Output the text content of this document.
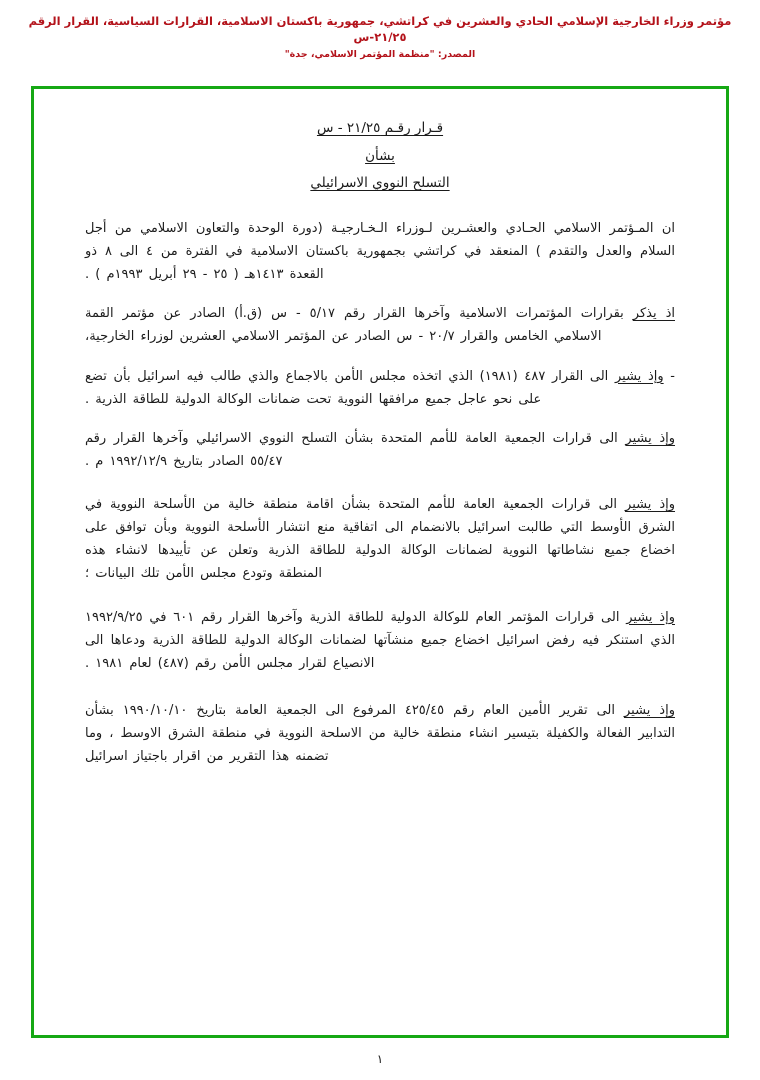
مؤتمر وزراء الخارجية الإسلامي الحادي والعشرين في كراتشي، جمهورية باكستان الاسلامية، القرارات السياسية، القرار الرقم ٢١/٢٥-س
المصدر: "منظمة المؤتمر الاسلامي، جدة"
قـرار رقـم ٢١/٢٥ - س
بشأن
التسلح النووي الاسرائيلي

ان المـؤتمر الاسلامي الحـادي والعشـرين لـوزراء الـخـارجيـة (دورة الوحدة والتعاون الاسلامي من أجل السلام والعدل والتقدم ) المنعقد في كراتشي بجمهورية باكستان الاسلامية في الفترة من ٤ الى ٨ ذو القعدة ١٤١٣هـ ( ٢٥ - ٢٩ أبريل ١٩٩٣م ) .

اذ يذكر بقرارات المؤتمرات الاسلامية وآخرها القرار رقم ٥/١٧ - س (ق.أ) الصادر عن مؤتمر القمة الاسلامي الخامس والقرار ٢٠/٧ - س الصادر عن المؤتمر الاسلامي العشرين لوزراء الخارجية،

- وإذ يشير الى القرار ٤٨٧ (١٩٨١) الذي اتخذه مجلس الأمن بالاجماع والذي طالب فيه اسرائيل بأن تضع على نحو عاجل جميع مرافقها النووية تحت ضمانات الوكالة الدولية للطاقة الذرية .

وإذ يشير الى قرارات الجمعية العامة للأمم المتحدة بشأن التسلح النووي الاسرائيلي وآخرها القرار رقم ٥٥/٤٧ الصادر بتاريخ ١٩٩٢/١٢/٩ م .

وإذ يشير الى قرارات الجمعية العامة للأمم المتحدة بشأن اقامة منطقة خالية من الأسلحة النووية في الشرق الأوسط التي طالبت اسرائيل بالانضمام الى اتفاقية منع انتشار الأسلحة النووية وبأن توافق على اخضاع جميع نشاطاتها النووية لضمانات الوكالة الدولية للطاقة الذرية وتعلن عن تأييدها لانشاء هذه المنطقة وتودع مجلس الأمن تلك البيانات ؛

وإذ يشير الى قرارات المؤتمر العام للوكالة الدولية للطاقة الذرية وآخرها القرار رقم ٦٠١ في ١٩٩٢/٩/٢٥ الذي استنكر فيه رفض اسرائيل اخضاع جميع منشآتها لضمانات الوكالة الدولية للطاقة الذرية ودعاها الى الانصياع لقرار مجلس الأمن رقم (٤٨٧) لعام ١٩٨١ .

وإذ يشير الى تقرير الأمين العام رقم ٤٢٥/٤٥ المرفوع الى الجمعية العامة بتاريخ ١٩٩٠/١٠/١٠ بشأن التدابير الفعالة والكفيلة بتيسير انشاء منطقة خالية من الاسلحة النووية في منطقة الشرق الاوسط ، وما تضمنه هذا التقرير من اقرار باجتياز اسرائيل

١
